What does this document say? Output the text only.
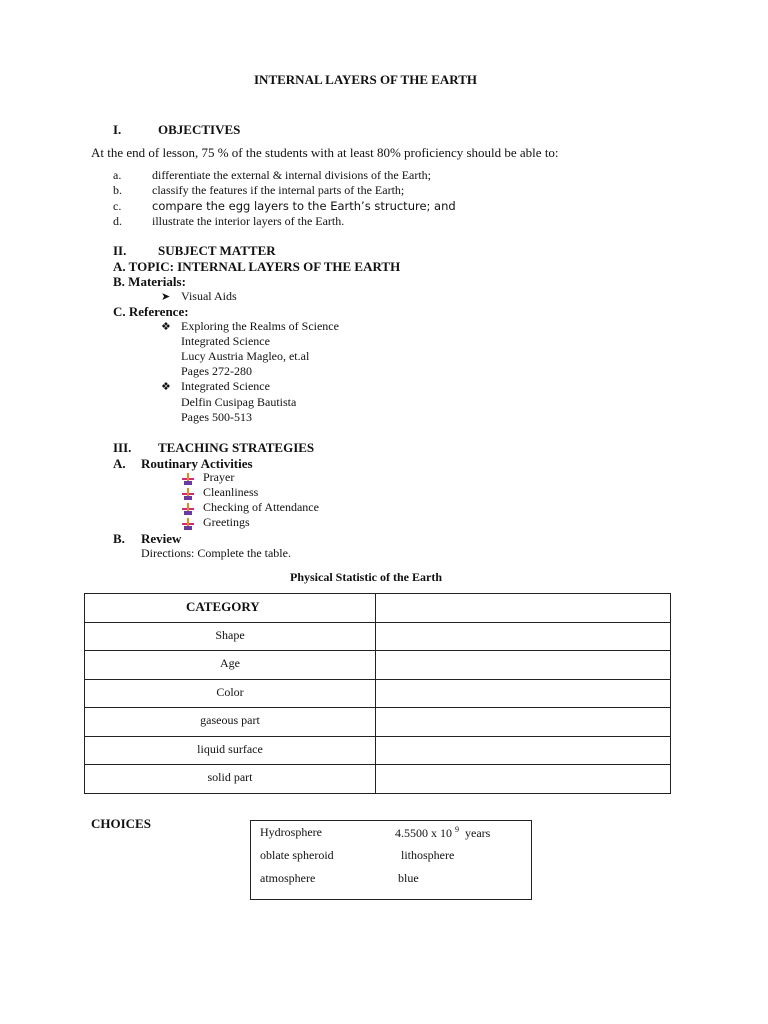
INTERNAL LAYERS OF THE EARTH
I.	OBJECTIVES
At the end of lesson, 75 % of the students with at least 80% proficiency should be able to:
a.	differentiate the external & internal divisions of the Earth;
b.	classify the features if the internal parts of the Earth;
c.	compare the egg layers to the Earth’s structure; and
d.	illustrate the interior layers of the Earth.
II. SUBJECT MATTER
A. TOPIC: INTERNAL LAYERS OF THE EARTH
B. Materials:
➤ Visual Aids
C. Reference:
❖ Exploring the Realms of Science
Integrated Science
Lucy Austria Magleo, et.al
Pages 272-280
❖ Integrated Science
Delfin Cusipag Bautista
Pages 500-513
III. TEACHING STRATEGIES
A. Routinary Activities
Prayer
Cleanliness
Checking of Attendance
Greetings
B. Review
Directions: Complete the table.
Physical Statistic of the Earth
CATEGORY	
Shape	
Age	
Color	
gaseous part	
liquid surface	
solid part	
CHOICES
Hydrosphere	4.5500 x 10 $^9$ years
oblate spheroid	lithosphere
atmosphere	blue
